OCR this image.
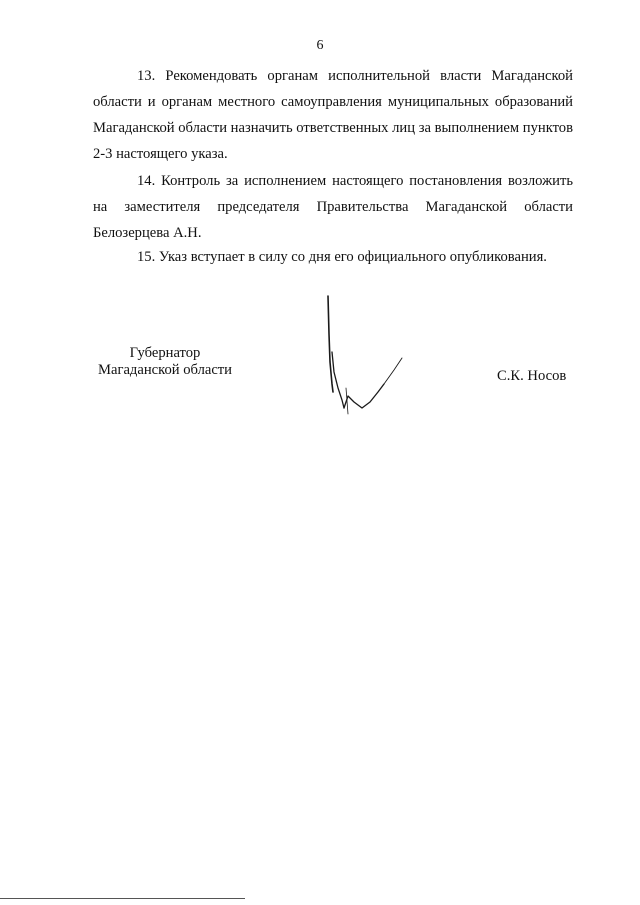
6
13. Рекомендовать органам исполнительной власти Магаданской области и органам местного самоуправления муниципальных образований Магаданской области назначить ответственных лиц за выполнением пунктов 2-3 настоящего указа.
14. Контроль за исполнением настоящего постановления возложить на заместителя председателя Правительства Магаданской области Белозерцева А.Н.
15. Указ вступает в силу со дня его официального опубликования.
Губернатор
Магаданской области	С.К. Носов
